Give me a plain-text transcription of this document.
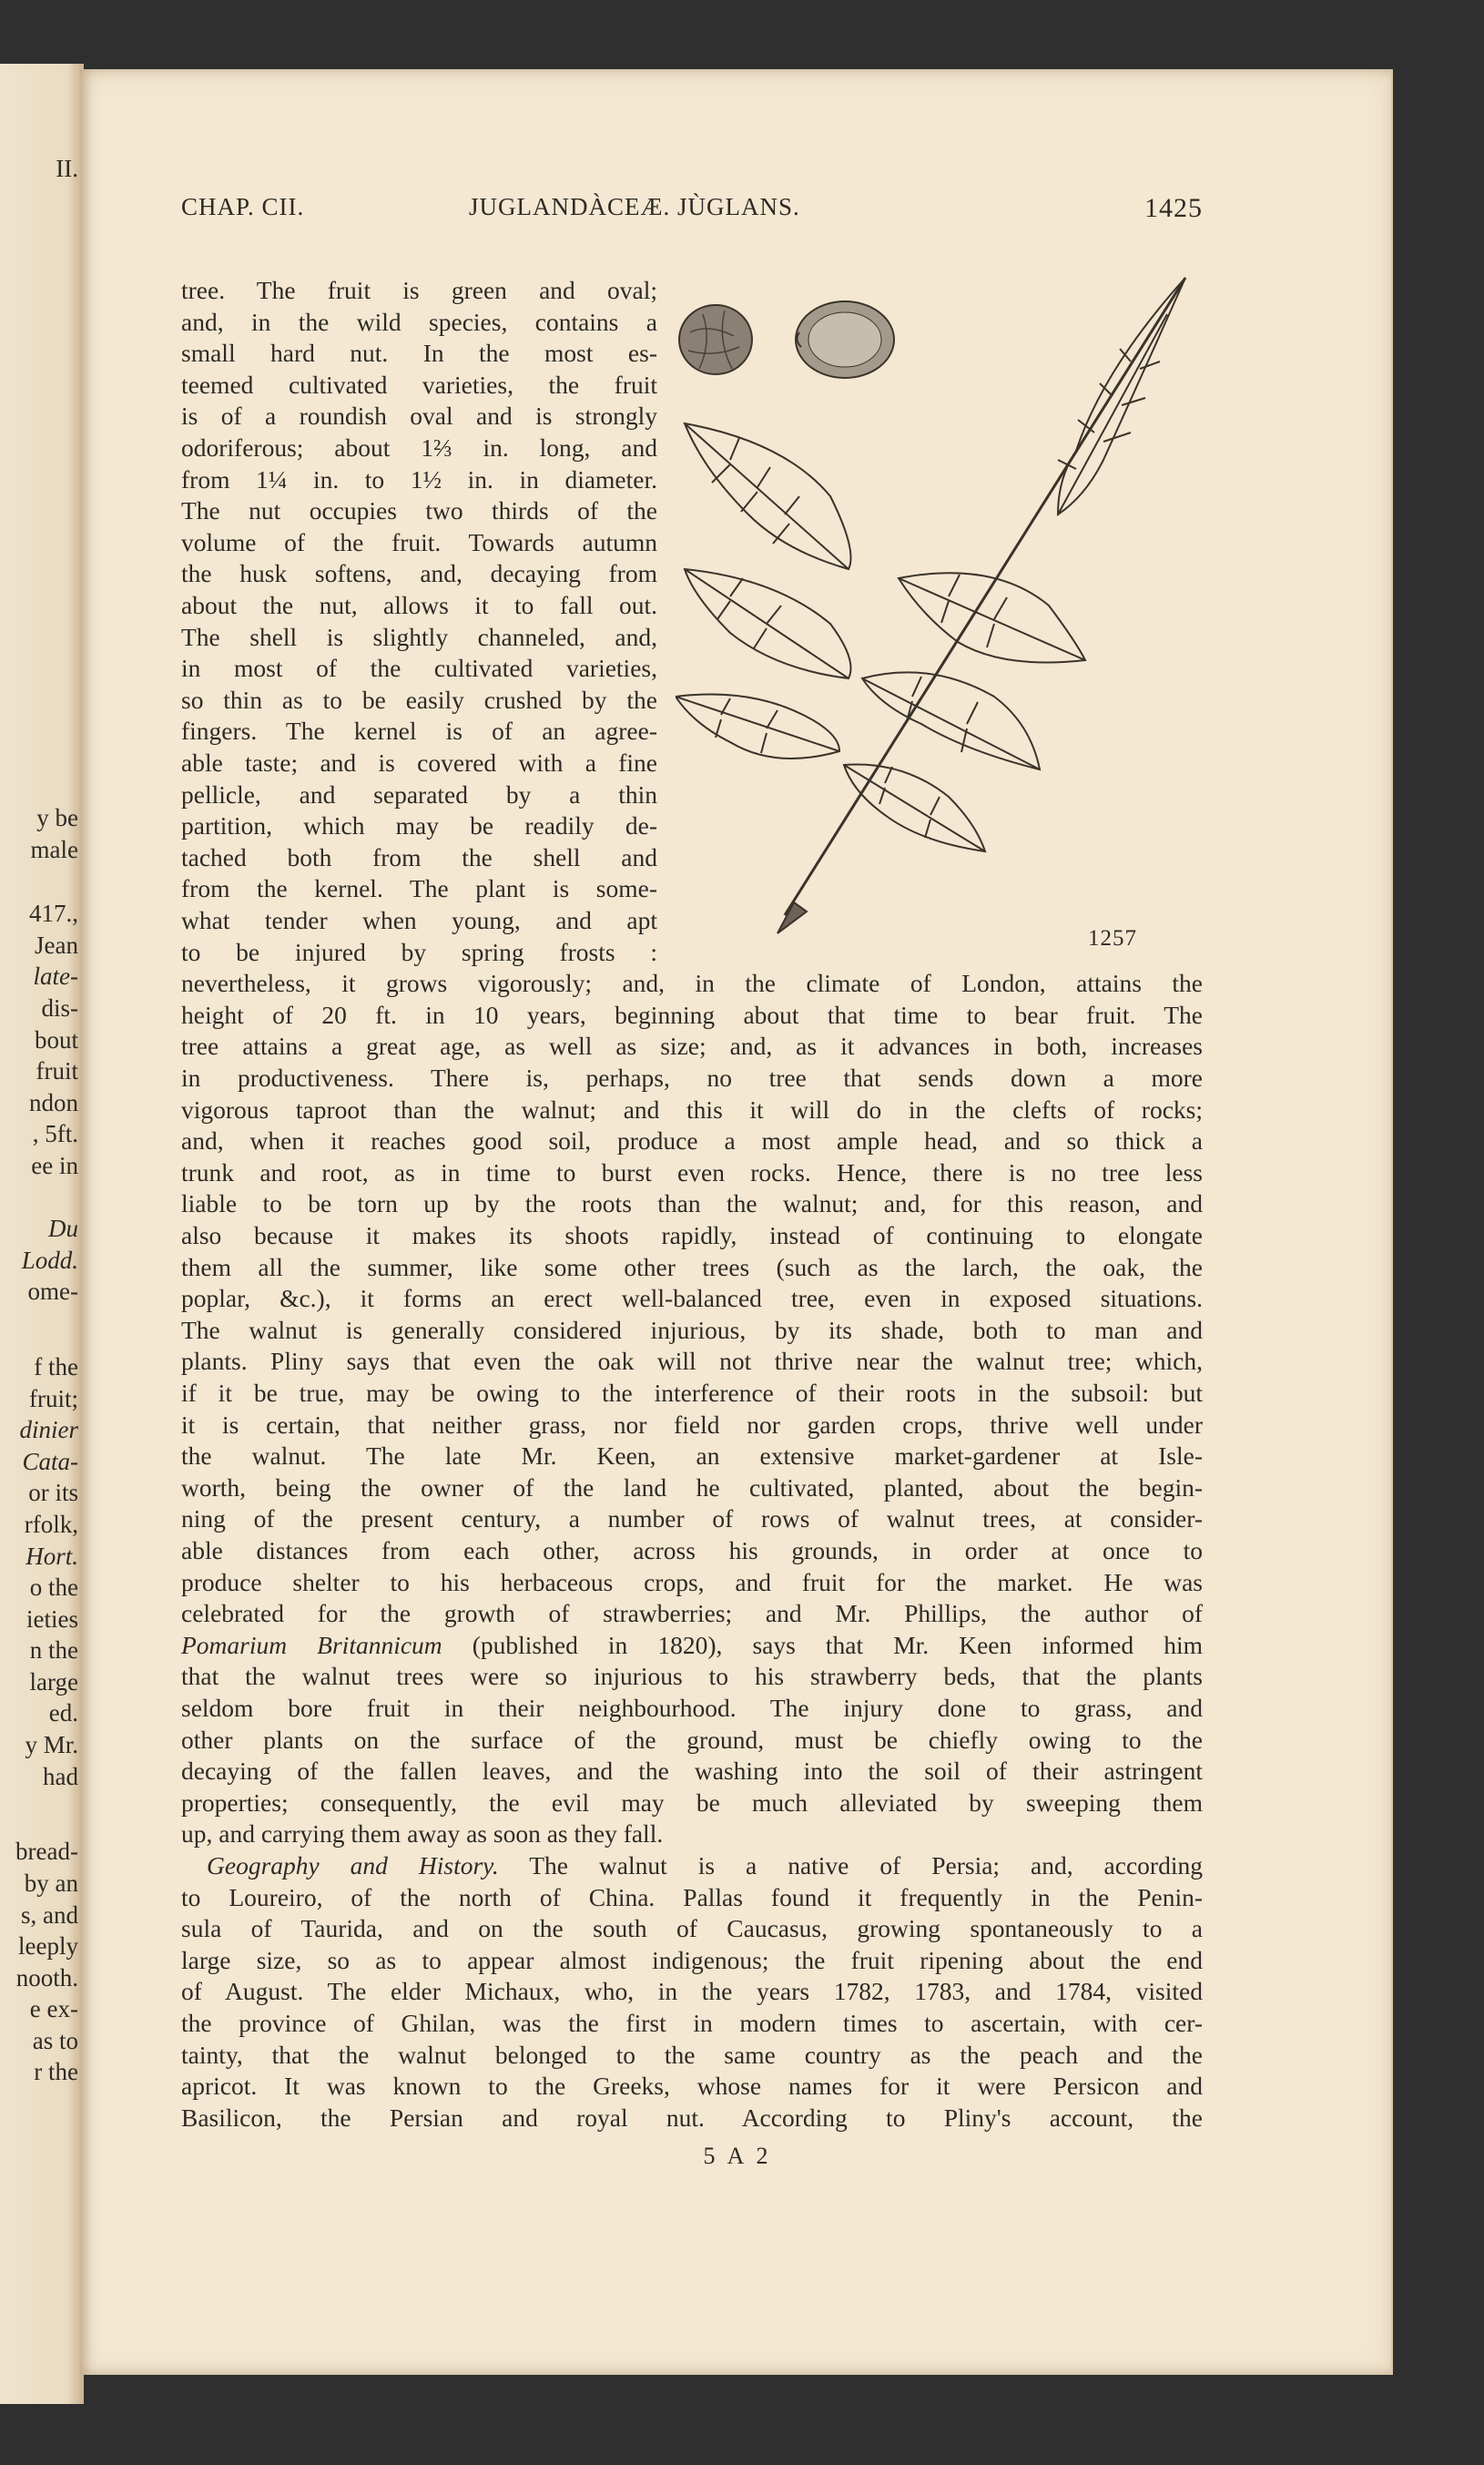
II.
y be
male
417.,
Jean
late-
dis-
bout
fruit
ndon
, 5ft.
ee in
Du
Lodd.
ome-
f the
fruit;
dinier
Cata-
or its
rfolk,
Hort.
o the
ieties
n the
large
ed.
y Mr.
had
bread-
by an
s, and
leeply
nooth.
e ex-
as to
r the
CHAP. CII.	JUGLANDÀCEÆ. JÙGLANS.	1425
tree. The fruit is green and oval;
and, in the wild species, contains a
small hard nut. In the most es-
teemed cultivated varieties, the fruit
is of a roundish oval and is strongly
odoriferous; about 1⅔ in. long, and
from 1¼ in. to 1½ in. in diameter.
The nut occupies two thirds of the
volume of the fruit. Towards autumn
the husk softens, and, decaying from
about the nut, allows it to fall out.
The shell is slightly channeled, and,
in most of the cultivated varieties,
so thin as to be easily crushed by the
fingers. The kernel is of an agree-
able taste; and is covered with a fine
pellicle, and separated by a thin
partition, which may be readily de-
tached both from the shell and
from the kernel. The plant is some-
what tender when young, and apt
to be injured by spring frosts :
nevertheless, it grows vigorously; and, in the climate of London, attains the
height of 20 ft. in 10 years, beginning about that time to bear fruit. The
tree attains a great age, as well as size; and, as it advances in both, increases
in productiveness. There is, perhaps, no tree that sends down a more
vigorous taproot than the walnut; and this it will do in the clefts of rocks;
and, when it reaches good soil, produce a most ample head, and so thick a
trunk and root, as in time to burst even rocks. Hence, there is no tree less
liable to be torn up by the roots than the walnut; and, for this reason, and
also because it makes its shoots rapidly, instead of continuing to elongate
them all the summer, like some other trees (such as the larch, the oak, the
poplar, &c.), it forms an erect well-balanced tree, even in exposed situations.
The walnut is generally considered injurious, by its shade, both to man and
plants. Pliny says that even the oak will not thrive near the walnut tree; which,
if it be true, may be owing to the interference of their roots in the subsoil: but
it is certain, that neither grass, nor field nor garden crops, thrive well under
the walnut. The late Mr. Keen, an extensive market-gardener at Isle-
worth, being the owner of the land he cultivated, planted, about the begin-
ning of the present century, a number of rows of walnut trees, at consider-
able distances from each other, across his grounds, in order at once to
produce shelter to his herbaceous crops, and fruit for the market. He was
celebrated for the growth of strawberries; and Mr. Phillips, the author of
Pomarium Britannicum (published in 1820), says that Mr. Keen informed him
that the walnut trees were so injurious to his strawberry beds, that the plants
seldom bore fruit in their neighbourhood. The injury done to grass, and
other plants on the surface of the ground, must be chiefly owing to the
decaying of the fallen leaves, and the washing into the soil of their astringent
properties; consequently, the evil may be much alleviated by sweeping them
up, and carrying them away as soon as they fall.
Geography and History. The walnut is a native of Persia; and, according
to Loureiro, of the north of China. Pallas found it frequently in the Penin-
sula of Taurida, and on the south of Caucasus, growing spontaneously to a
large size, so as to appear almost indigenous; the fruit ripening about the end
of August. The elder Michaux, who, in the years 1782, 1783, and 1784, visited
the province of Ghilan, was the first in modern times to ascertain, with cer-
tainty, that the walnut belonged to the same country as the peach and the
apricot. It was known to the Greeks, whose names for it were Persicon and
Basilicon, the Persian and royal nut. According to Pliny's account, the
1257
5 A 2
